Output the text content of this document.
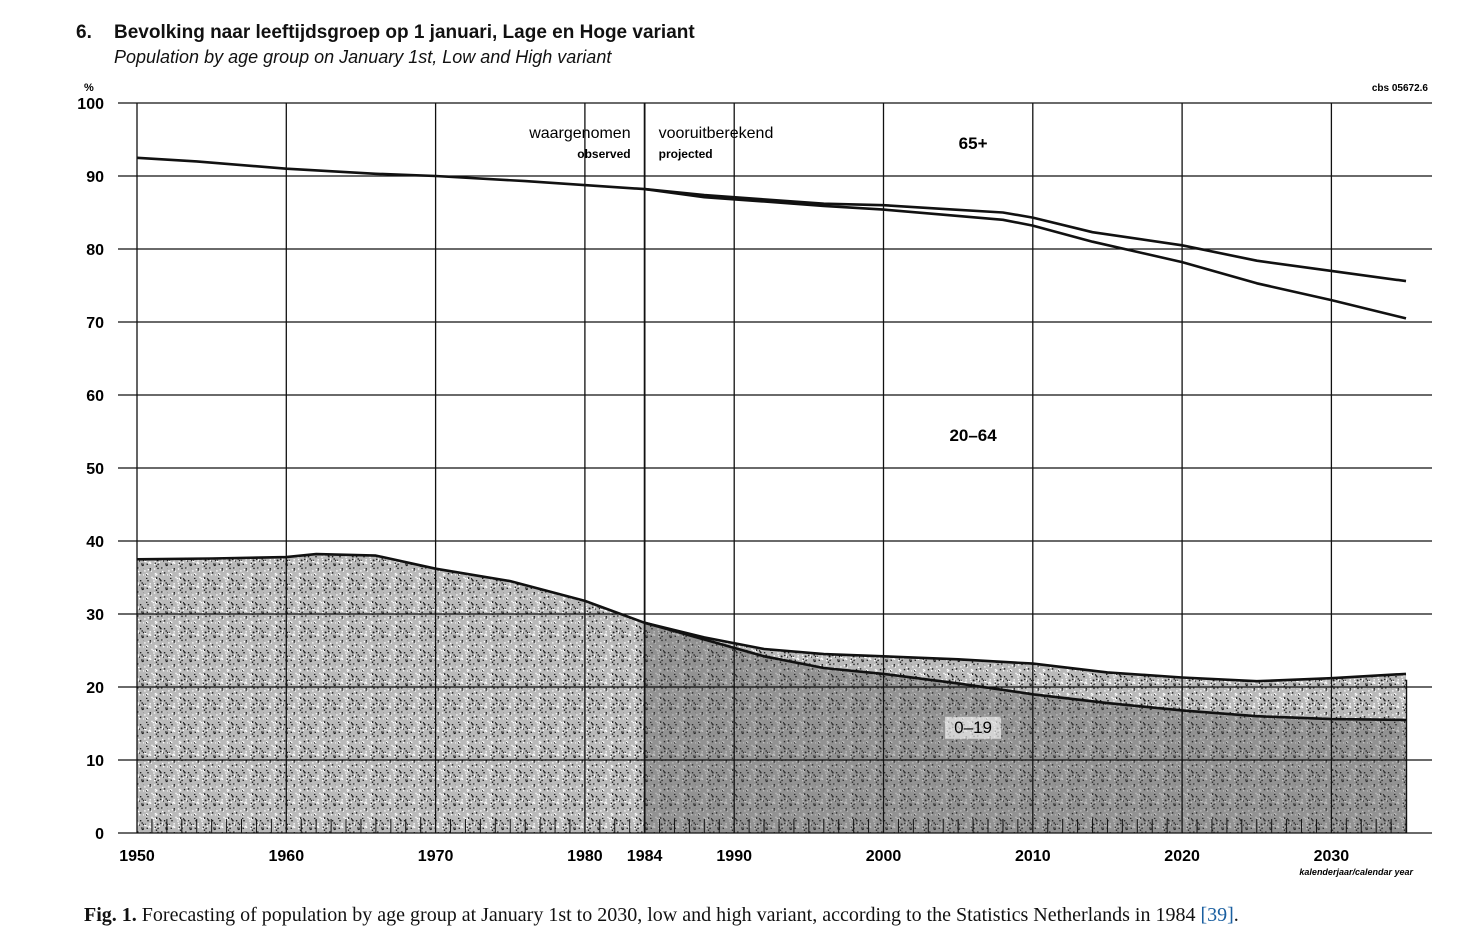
6. Bevolking naar leeftijdsgroep op 1 januari, Lage en Hoge variant
Population by age group on January 1st, Low and High variant
0
10
20
30
40
50
60
70
80
90
100
%
1950	1960	1970	1980 1984	1990	2000	2010	2020	2030
kalenderjaar/calendar year
cbs 05672.6
waargenomen
observed
vooruitberekend
projected
65+
20–64
0–19
Fig. 1. Forecasting of population by age group at January 1st to 2030, low and high variant, according to the Statistics Netherlands in 1984 [39].
